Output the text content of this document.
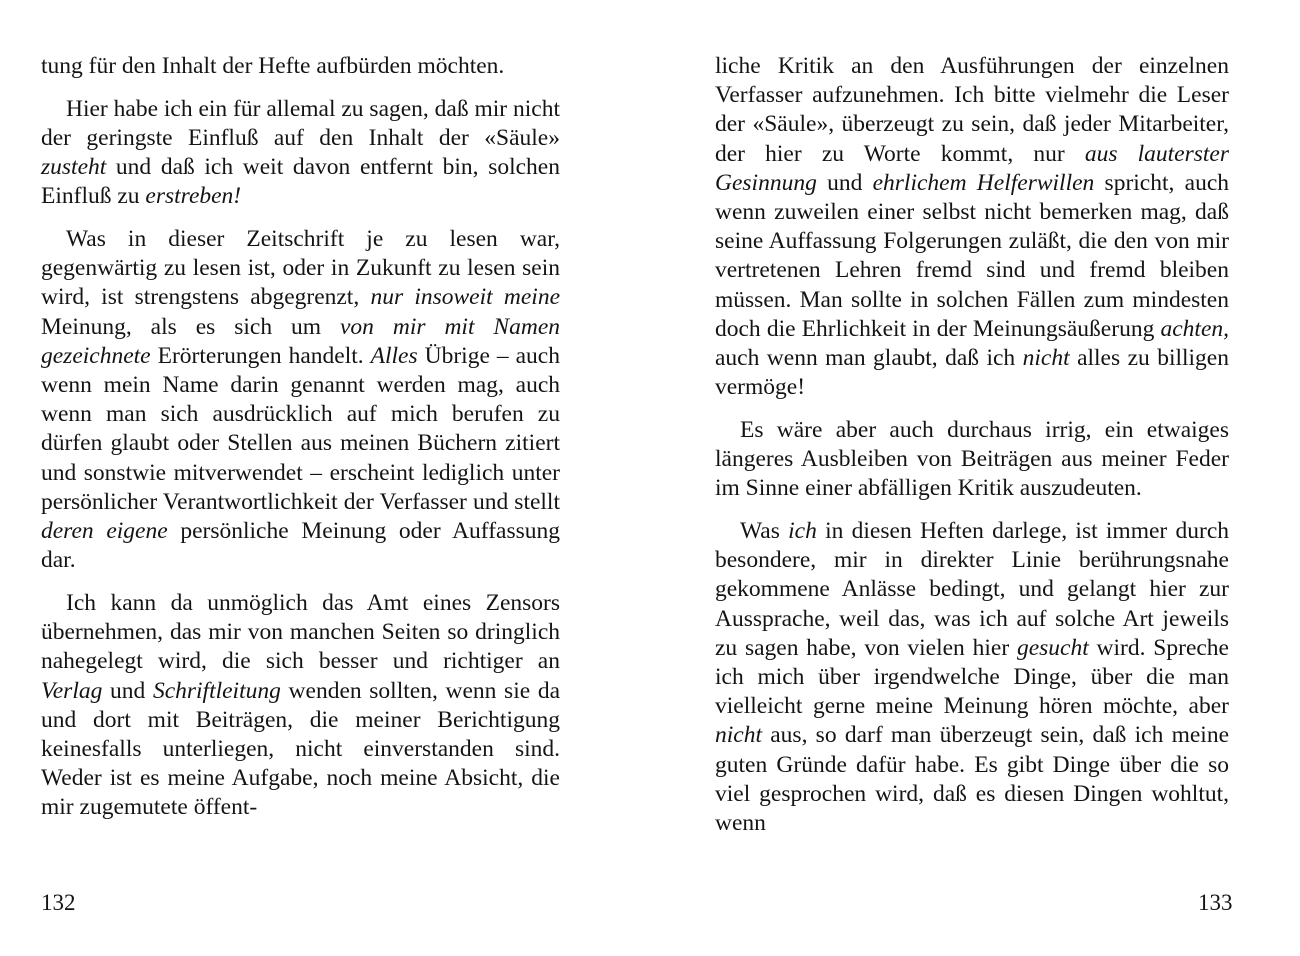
tung für den Inhalt der Hefte aufbürden möchten.

Hier habe ich ein für allemal zu sagen, daß mir nicht der geringste Einfluß auf den Inhalt der «Säule» zusteht und daß ich weit davon entfernt bin, solchen Einfluß zu erstreben!

Was in dieser Zeitschrift je zu lesen war, gegenwärtig zu lesen ist, oder in Zukunft zu lesen sein wird, ist strengstens abgegrenzt, nur insoweit meine Meinung, als es sich um von mir mit Namen gezeichnete Erörterungen handelt. Alles Übrige – auch wenn mein Name darin genannt werden mag, auch wenn man sich ausdrücklich auf mich berufen zu dürfen glaubt oder Stellen aus meinen Büchern zitiert und sonstwie mitverwendet – erscheint lediglich unter persönlicher Verantwortlichkeit der Verfasser und stellt deren eigene persönliche Meinung oder Auffassung dar.

Ich kann da unmöglich das Amt eines Zensors übernehmen, das mir von manchen Seiten so dringlich nahegelegt wird, die sich besser und richtiger an Verlag und Schriftleitung wenden sollten, wenn sie da und dort mit Beiträgen, die meiner Berichtigung keinesfalls unterliegen, nicht einverstanden sind. Weder ist es meine Aufgabe, noch meine Absicht, die mir zugemutete öffent-

liche Kritik an den Ausführungen der einzelnen Verfasser aufzunehmen. Ich bitte vielmehr die Leser der «Säule», überzeugt zu sein, daß jeder Mitarbeiter, der hier zu Worte kommt, nur aus lauterster Gesinnung und ehrlichem Helferwillen spricht, auch wenn zuweilen einer selbst nicht bemerken mag, daß seine Auffassung Folgerungen zuläßt, die den von mir vertretenen Lehren fremd sind und fremd bleiben müssen. Man sollte in solchen Fällen zum mindesten doch die Ehrlichkeit in der Meinungsäußerung achten, auch wenn man glaubt, daß ich nicht alles zu billigen vermöge!

Es wäre aber auch durchaus irrig, ein etwaiges längeres Ausbleiben von Beiträgen aus meiner Feder im Sinne einer abfälligen Kritik auszudeuten.

Was ich in diesen Heften darlege, ist immer durch besondere, mir in direkter Linie berührungsnahe gekommene Anlässe bedingt, und gelangt hier zur Aussprache, weil das, was ich auf solche Art jeweils zu sagen habe, von vielen hier gesucht wird. Spreche ich mich über irgendwelche Dinge, über die man vielleicht gerne meine Meinung hören möchte, aber nicht aus, so darf man überzeugt sein, daß ich meine guten Gründe dafür habe. Es gibt Dinge über die so viel gesprochen wird, daß es diesen Dingen wohltut, wenn

132	133
